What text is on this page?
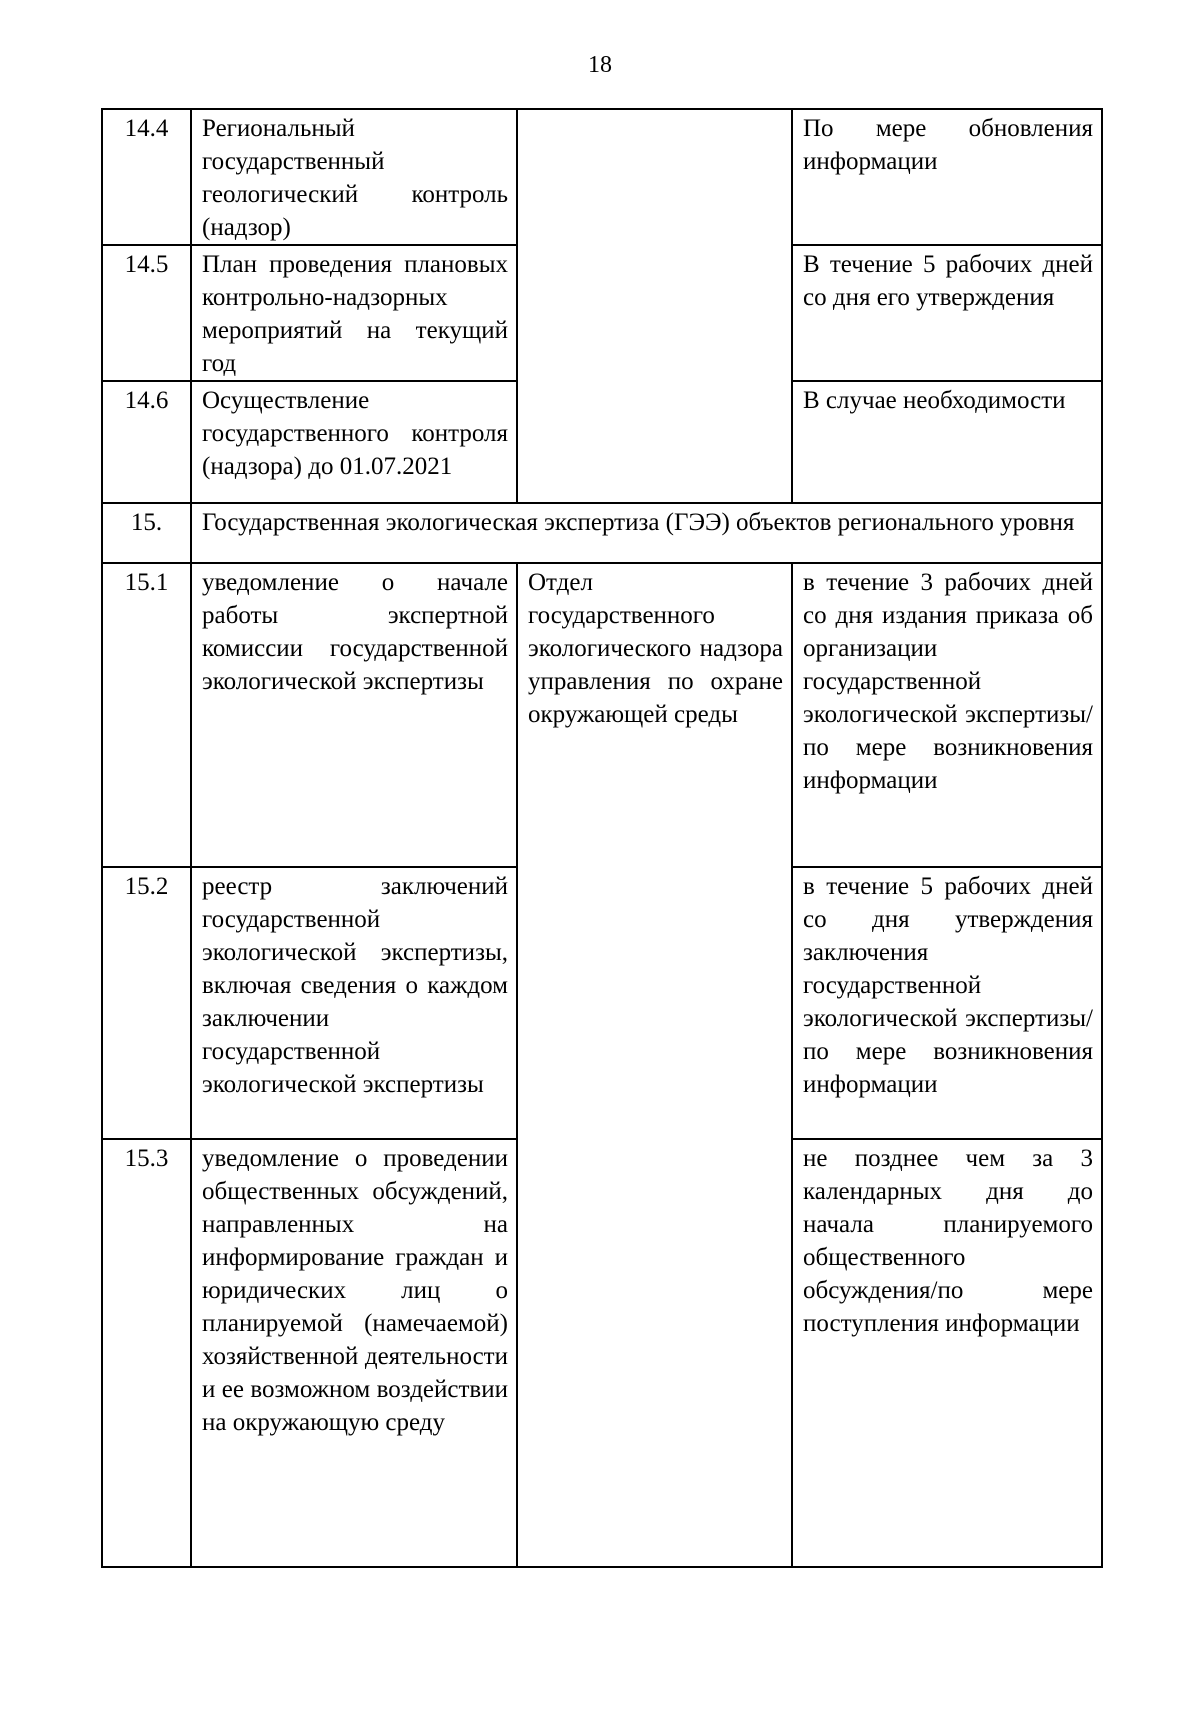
18
14.4	Региональный государственный геологический контроль (надзор)		По мере обновления информации
14.5	План проведения плановых контрольно-надзорных мероприятий на текущий год		В течение 5 рабочих дней со дня его утверждения
14.6	Осуществление государственного контроля (надзора) до 01.07.2021		В случае необходимости
15.	Государственная экологическая экспертиза (ГЭЭ) объектов регионального уровня		
15.1	уведомление о начале работы экспертной комиссии государственной экологической экспертизы	Отдел государственного экологического надзора управления по охране окружающей среды	в течение 3 рабочих дней со дня издания приказа об организации государственной экологической экспертизы/ по мере возникновения информации
15.2	реестр заключений государственной экологической экспертизы, включая сведения о каждом заключении государственной экологической экспертизы		в течение 5 рабочих дней со дня утверждения заключения государственной экологической экспертизы/ по мере возникновения информации
15.3	уведомление о проведении общественных обсуждений, направленных на информирование граждан и юридических лиц о планируемой (намечаемой) хозяйственной деятельности и ее возможном воздействии на окружающую среду		не позднее чем за 3 календарных дня до начала планируемого общественного обсуждения/по мере поступления информации
